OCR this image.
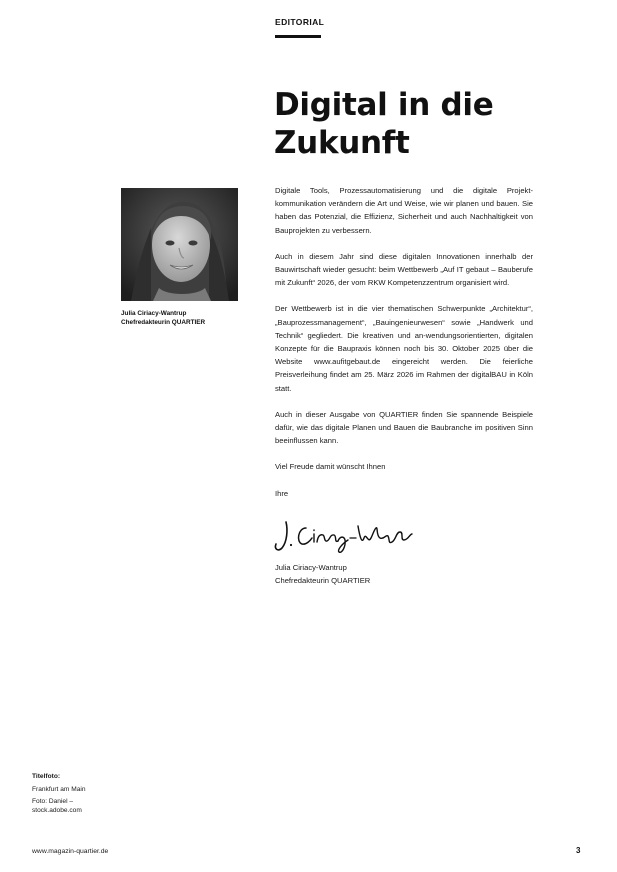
EDITORIAL
Digital in die
Zukunft
Julia Ciriacy-Wantrup
Chefredakteurin QUARTIER

Digitale Tools, Prozessautomatisierung und die digitale Projekt-kommunikation verändern die Art und Weise, wie wir planen und bauen. Sie haben das Potenzial, die Effizienz, Sicherheit und auch Nachhaltigkeit von Bauprojekten zu verbessern.

Auch in diesem Jahr sind diese digitalen Innovationen innerhalb der Bauwirtschaft wieder gesucht: beim Wettbewerb „Auf IT gebaut – Bauberufe mit Zukunft“ 2026, der vom RKW Kompetenzzentrum organisiert wird.

Der Wettbewerb ist in die vier thematischen Schwerpunkte „Architektur“, „Bauprozessmanagement“, „Bauingenieurwesen“ sowie „Handwerk und Technik“ gegliedert. Die kreativen und an-wendungsorientierten, digitalen Konzepte für die Baupraxis können noch bis 30. Oktober 2025 über die Website www.aufitgebaut.de eingereicht werden. Die feierliche Preisverleihung findet am 25. März 2026 im Rahmen der digitalBAU in Köln statt.

Auch in dieser Ausgabe von QUARTIER finden Sie spannende Beispiele dafür, wie das digitale Planen und Bauen die Baubranche im positiven Sinn beeinflussen kann.

Viel Freude damit wünscht Ihnen

Ihre

Julia Ciriacy-Wantrup
Chefredakteurin QUARTIER
Titelfoto:
Frankfurt am Main
Foto: Daniel –
stock.adobe.com
www.magazin-quartier.de	3
